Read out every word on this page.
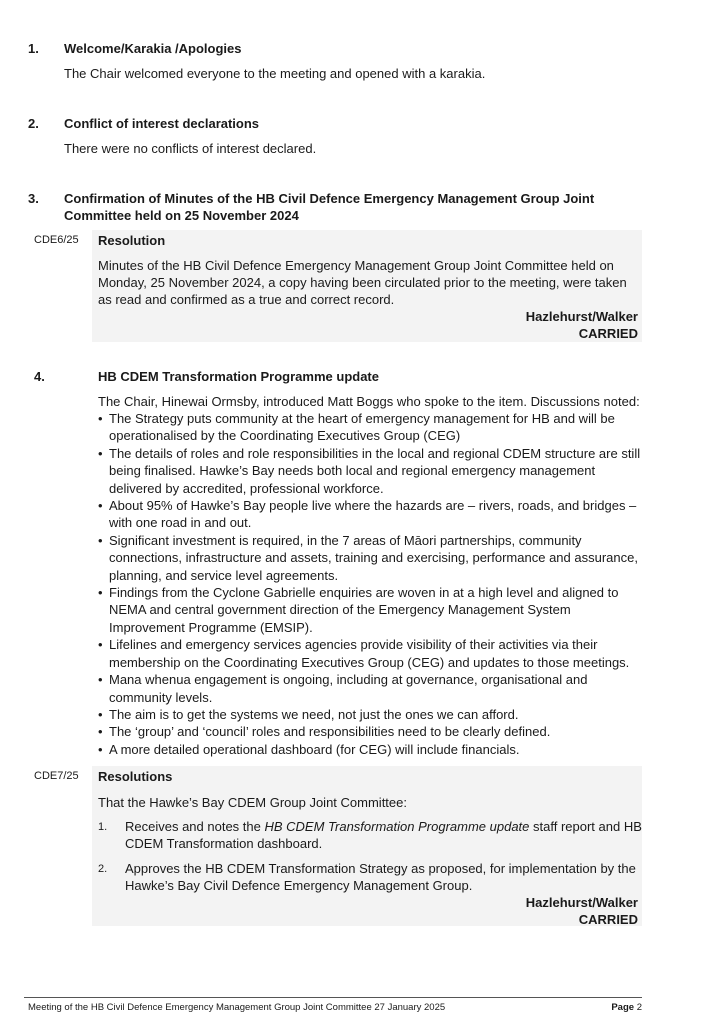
1. Welcome/Karakia /Apologies
The Chair welcomed everyone to the meeting and opened with a karakia.
2. Conflict of interest declarations
There were no conflicts of interest declared.
3. Confirmation of Minutes of the HB Civil Defence Emergency Management Group Joint Committee held on 25 November 2024
CDE6/25 Resolution
Minutes of the HB Civil Defence Emergency Management Group Joint Committee held on Monday, 25 November 2024, a copy having been circulated prior to the meeting, were taken as read and confirmed as a true and correct record.
Hazlehurst/Walker
CARRIED
4.	HB CDEM Transformation Programme update
The Chair, Hinewai Ormsby, introduced Matt Boggs who spoke to the item. Discussions noted:
• The Strategy puts community at the heart of emergency management for HB and will be operationalised by the Coordinating Executives Group (CEG)
• The details of roles and role responsibilities in the local and regional CDEM structure are still being finalised. Hawke’s Bay needs both local and regional emergency management delivered by accredited, professional workforce.
• About 95% of Hawke’s Bay people live where the hazards are – rivers, roads, and bridges – with one road in and out.
• Significant investment is required, in the 7 areas of Māori partnerships, community connections, infrastructure and assets, training and exercising, performance and assurance, planning, and service level agreements.
• Findings from the Cyclone Gabrielle enquiries are woven in at a high level and aligned to NEMA and central government direction of the Emergency Management System Improvement Programme (EMSIP).
• Lifelines and emergency services agencies provide visibility of their activities via their membership on the Coordinating Executives Group (CEG) and updates to those meetings.
• Mana whenua engagement is ongoing, including at governance, organisational and community levels.
• The aim is to get the systems we need, not just the ones we can afford.
• The ‘group’ and ‘council’ roles and responsibilities need to be clearly defined.
• A more detailed operational dashboard (for CEG) will include financials.
CDE7/25 Resolutions
That the Hawke’s Bay CDEM Group Joint Committee:
1. Receives and notes the HB CDEM Transformation Programme update staff report and HB CDEM Transformation dashboard.
2. Approves the HB CDEM Transformation Strategy as proposed, for implementation by the Hawke’s Bay Civil Defence Emergency Management Group.
Hazlehurst/Walker
CARRIED
Meeting of the HB Civil Defence Emergency Management Group Joint Committee 27 January 2025	Page 2
